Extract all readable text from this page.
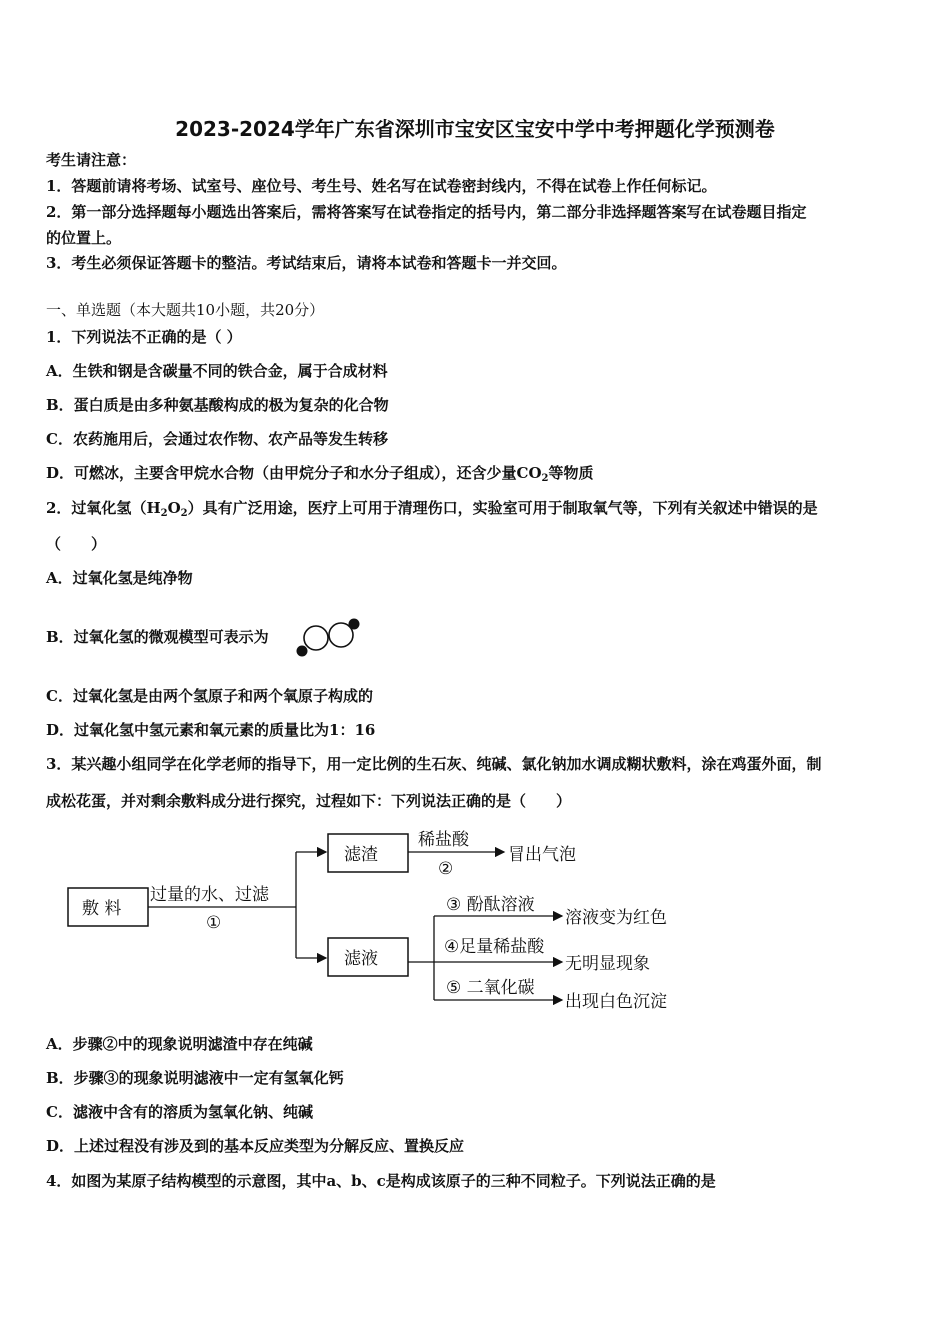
2023-2024学年广东省深圳市宝安区宝安中学中考押题化学预测卷
考生请注意：
1．答题前请将考场、试室号、座位号、考生号、姓名写在试卷密封线内，不得在试卷上作任何标记。
2．第一部分选择题每小题选出答案后，需将答案写在试卷指定的括号内，第二部分非选择题答案写在试卷题目指定
的位置上。
3．考生必须保证答题卡的整洁。考试结束后，请将本试卷和答题卡一并交回。
一、单选题（本大题共10小题，共20分）
1．下列说法不正确的是（ ）
A．生铁和钢是含碳量不同的铁合金，属于合成材料
B．蛋白质是由多种氨基酸构成的极为复杂的化合物
C．农药施用后，会通过农作物、农产品等发生转移
D．可燃冰，主要含甲烷水合物（由甲烷分子和水分子组成），还含少量$CO_2$等物质
2．过氧化氢$(H_2O_2)$具有广泛用途，医疗上可用于清理伤口，实验室可用于制取氧气等，下列有关叙述中错误的是
（　　）
A．过氧化氢是纯净物
B．过氧化氢的微观模型可表示为
C．过氧化氢是由两个氢原子和两个氧原子构成的
D．过氧化氢中氢元素和氧元素的质量比为1：16
3．某兴趣小组同学在化学老师的指导下，用一定比例的生石灰、纯碱、氯化钠加水调成糊状敷料，涂在鸡蛋外面，制
成松花蛋，并对剩余敷料成分进行探究，过程如下：下列说法正确的是（　　）
敷 料
过量的水、过滤
①
滤渣
稀盐酸
②
冒出气泡
滤液
③ 酚酞溶液
溶液变为红色
④足量稀盐酸
无明显现象
⑤ 二氧化碳
出现白色沉淀
A．步骤②中的现象说明滤渣中存在纯碱
B．步骤③的现象说明滤液中一定有氢氧化钙
C．滤液中含有的溶质为氢氧化钠、纯碱
D．上述过程没有涉及到的基本反应类型为分解反应、置换反应
4．如图为某原子结构模型的示意图，其中a、b、c是构成该原子的三种不同粒子。下列说法正确的是
